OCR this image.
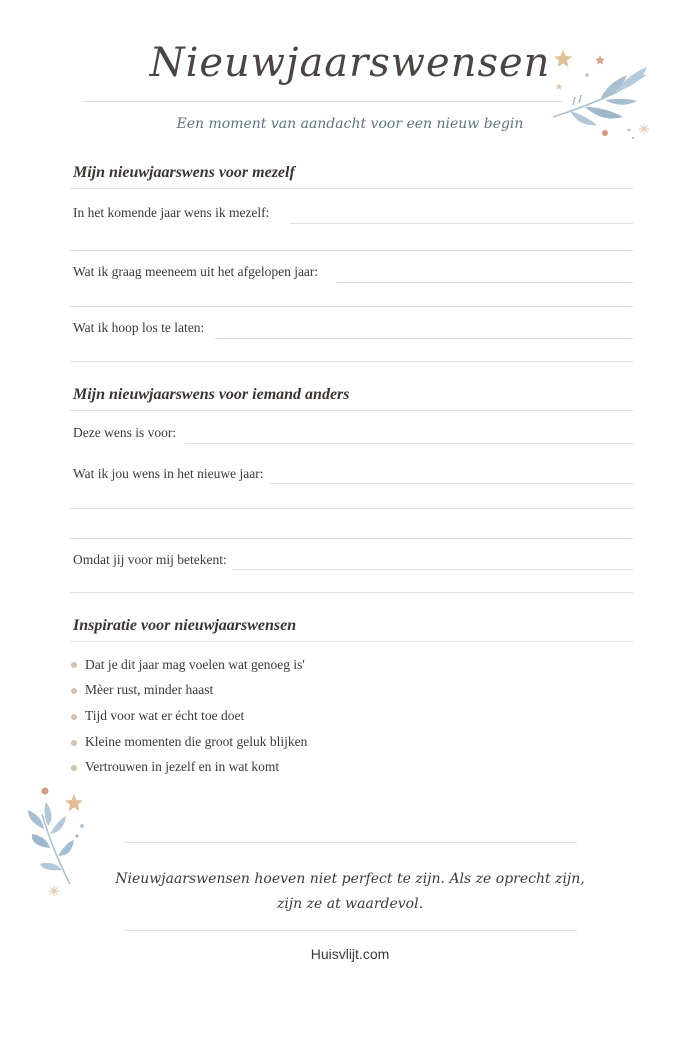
Nieuwjaarswensen
Een moment van aandacht voor een nieuw begin
Mijn nieuwjaarswens voor mezelf
In het komende jaar wens ik mezelf:
Wat ik graag meeneem uit het afgelopen jaar:
Wat ik hoop los te laten:
Mijn nieuwjaarswens voor iemand anders
Deze wens is voor:
Wat ik jou wens in het nieuwe jaar:
Omdat jij voor mij betekent:
Inspiratie voor nieuwjaarswensen
Dat je dit jaar mag voelen wat genoeg is'
Mèer rust, minder haast
Tijd voor wat er écht toe doet
Kleine momenten die groot geluk blijken
Vertrouwen in jezelf en in wat komt
Nieuwjaarswensen hoeven niet perfect te zijn. Als ze oprecht zijn,
zijn ze at waardevol.
Huisvlijt.com
